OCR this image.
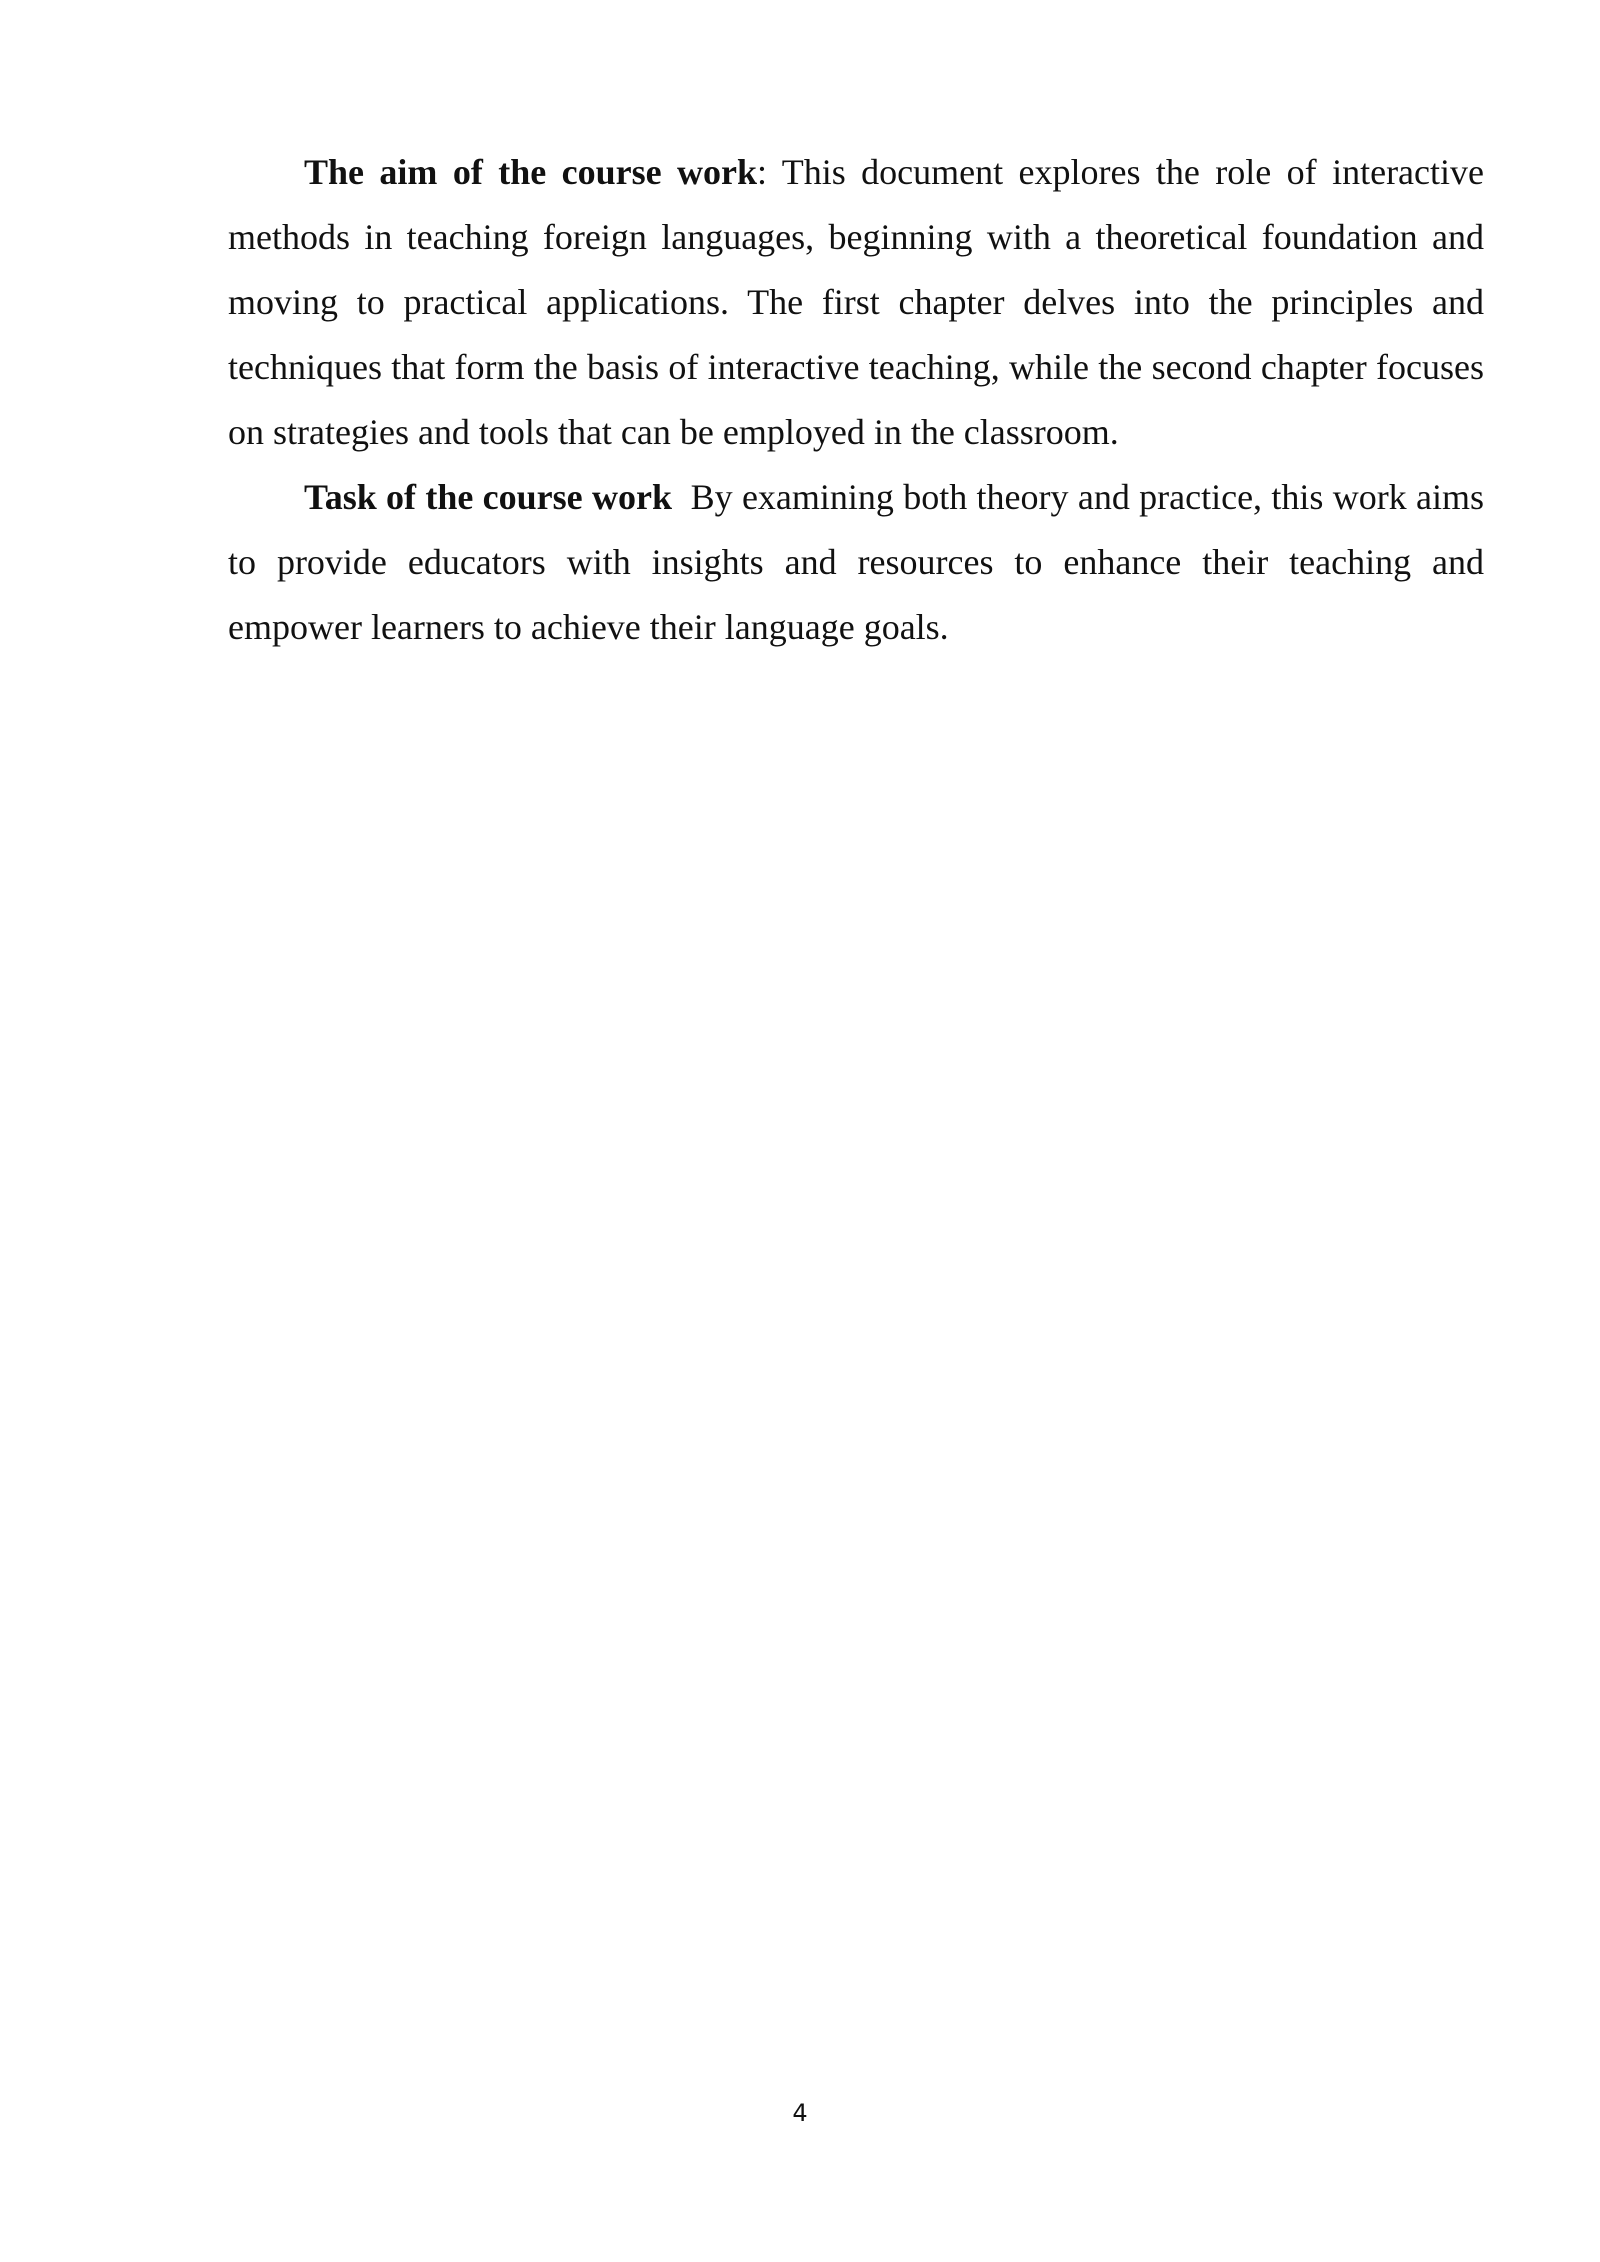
The aim of the course work: This document explores the role of interactive methods in teaching foreign languages, beginning with a theoretical foundation and moving to practical applications. The first chapter delves into the principles and techniques that form the basis of interactive teaching, while the second chapter focuses on strategies and tools that can be employed in the classroom.

Task of the course work  By examining both theory and practice, this work aims to provide educators with insights and resources to enhance their teaching and empower learners to achieve their language goals.

4
